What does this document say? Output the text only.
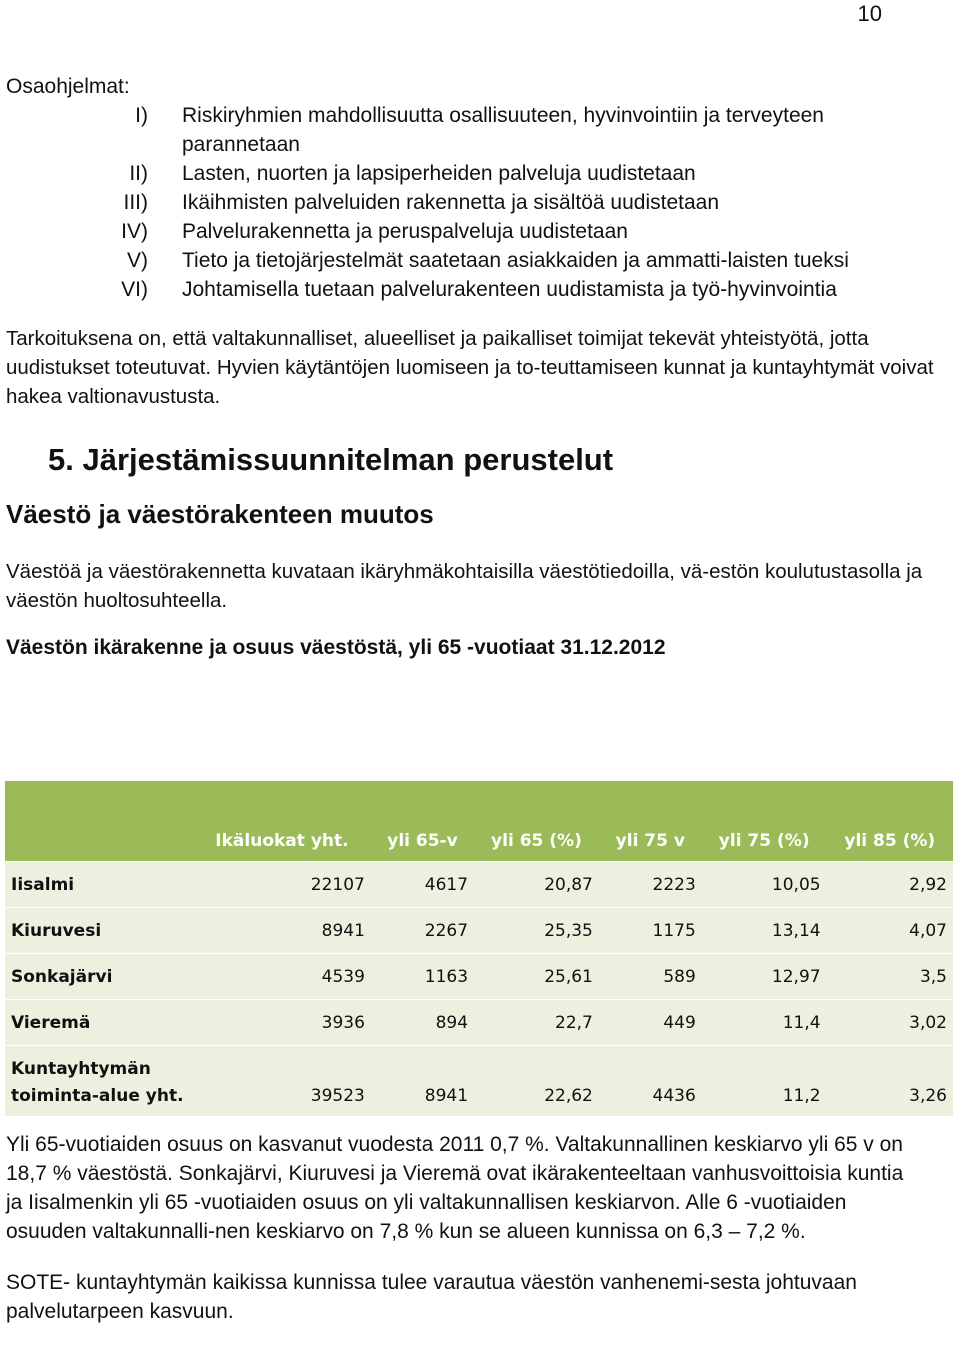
10
Osaohjelmat:
I)	Riskiryhmien mahdollisuutta osallisuuteen, hyvinvointiin ja terveyteen parannetaan
II)	Lasten, nuorten ja lapsiperheiden palveluja uudistetaan
III)	Ikäihmisten palveluiden rakennetta ja sisältöä uudistetaan
IV)	Palvelurakennetta ja peruspalveluja uudistetaan
V)	Tieto ja tietojärjestelmät saatetaan asiakkaiden ja ammatti-laisten tueksi
VI)	Johtamisella tuetaan palvelurakenteen uudistamista ja työ-hyvinvointia

Tarkoituksena on, että valtakunnalliset, alueelliset ja paikalliset toimijat tekevät yhteistyötä, jotta uudistukset toteutuvat. Hyvien käytäntöjen luomiseen ja to-teuttamiseen kunnat ja kuntayhtymät voivat hakea valtionavustusta.

5. Järjestämissuunnitelman perustelut
Väestö ja väestörakenteen muutos

Väestöä ja väestörakennetta kuvataan ikäryhmäkohtaisilla väestötiedoilla, vä-estön koulutustasolla ja väestön huoltosuhteella.

Väestön ikärakenne ja osuus väestöstä, yli 65 -vuotiaat 31.12.2012
	Ikäluokat yht.	yli 65-v	yli 65 (%)	yli 75 v	yli 75 (%)	yli 85 (%)
Iisalmi	22107	4617	20,87	2223	10,05	2,92
Kiuruvesi	8941	2267	25,35	1175	13,14	4,07
Sonkajärvi	4539	1163	25,61	589	12,97	3,5
Vieremä	3936	894	22,7	449	11,4	3,02
Kuntayhtymän toiminta-alue yht.	39523	8941	22,62	4436	11,2	3,26

Yli 65-vuotiaiden osuus on kasvanut vuodesta 2011 0,7 %. Valtakunnallinen keskiarvo yli 65 v on 18,7 % väestöstä. Sonkajärvi, Kiuruvesi ja Vieremä ovat ikärakenteeltaan vanhusvoittoisia kuntia ja Iisalmenkin yli 65 -vuotiaiden osuus on yli valtakunnallisen keskiarvon. Alle 6 -vuotiaiden osuuden valtakunnalli-nen keskiarvo on 7,8 % kun se alueen kunnissa on 6,3 – 7,2 %.

SOTE- kuntayhtymän kaikissa kunnissa tulee varautua väestön vanhenemi-sesta johtuvaan palvelutarpeen kasvuun.
